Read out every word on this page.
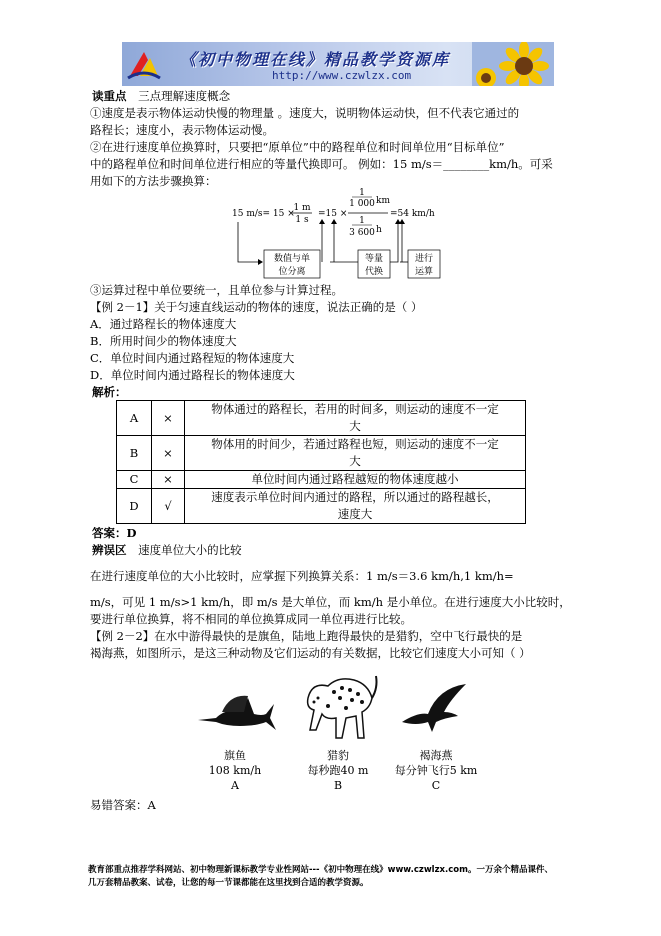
《初中物理在线》精品教学资源库
http://www.czwlzx.com
读重点 三点理解速度概念
①速度是表示物体运动快慢的物理量 。速度大，说明物体运动快，但不代表它通过的
路程长；速度小，表示物体运动慢。
②在进行速度单位换算时，只要把“原单位”中的路程单位和时间单位用“目标单位”
中的路程单位和时间单位进行相应的等量代换即可。 例如：15 m/s＝________km/h。可采
用如下的方法步骤换算：
15 m/s= 15 ×
1 m
1 s
=15 ×
1
1 000 km
1
3 600 h
=54 km/h
数值与单
位分离
等量
代换
进行
运算
③运算过程中单位要统一，且单位参与计算过程。
【例 2－1】关于匀速直线运动的物体的速度，说法正确的是（ ）
A．通过路程长的物体速度大
B．所用时间少的物体速度大
C．单位时间内通过路程短的物体速度大
D．单位时间内通过路程长的物体速度大
解析：
A	×	物体通过的路程长，若用的时间多，则运动的速度不一定
大

B	×	物体用的时间少，若通过路程也短，则运动的速度不一定
大

C	×	单位时间内通过路程越短的物体速度越小
D	√	速度表示单位时间内通过的路程，所以通过的路程越长，
速度大
答案：D
辨误区 速度单位大小的比较
在进行速度单位的大小比较时，应掌握下列换算关系：1 m/s＝3.6 km/h,1 km/h=
m/s，可见 1 m/s>1 km/h，即 m/s 是大单位，而 km/h 是小单位。在进行速度大小比较时，
要进行单位换算，将不相同的单位换算成同一单位再进行比较。
【例 2－2】在水中游得最快的是旗鱼，陆地上跑得最快的是猎豹，空中飞行最快的是
褐海燕，如图所示，是这三种动物及它们运动的有关数据，比较它们速度大小可知（ ）
旗鱼
108 km/h
A
猎豹
每秒跑40 m
B
褐海燕
每分钟飞行5 km
C
易错答案：A
教育部重点推荐学科网站、初中物理新课标教学专业性网站---《初中物理在线》www.czwlzx.com。一万余个精品课件、
几万套精品教案、试卷，让您的每一节课都能在这里找到合适的教学资源。
